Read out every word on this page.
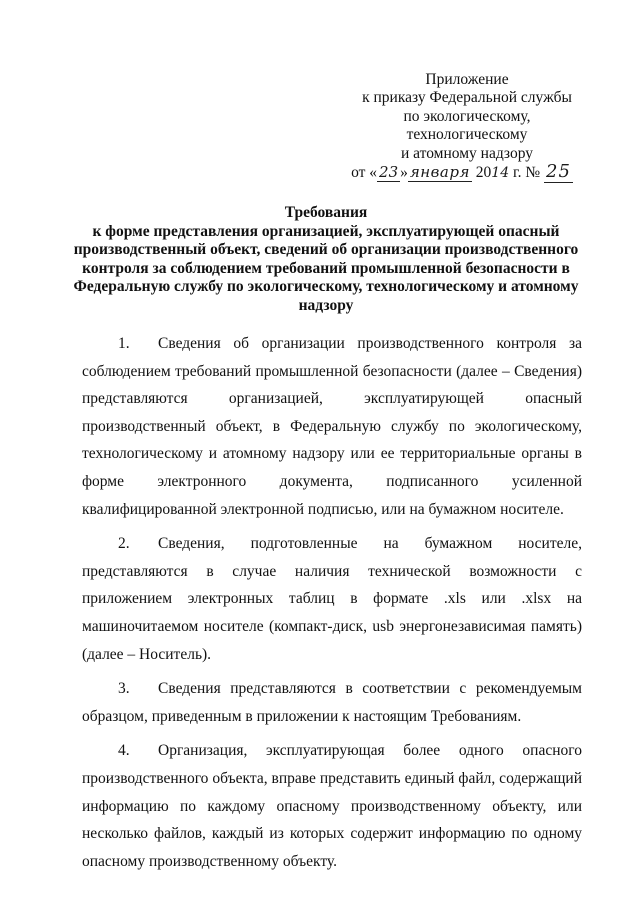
Приложение
к приказу Федеральной службы
по экологическому,
технологическому
и атомному надзору
от « 23 » января 2014 г. № 25
Требования
к форме представления организацией, эксплуатирующей опасный производственный объект, сведений об организации производственного контроля за соблюдением требований промышленной безопасности в Федеральную службу по экологическому, технологическому и атомному надзору

1. Сведения об организации производственного контроля за соблюдением требований промышленной безопасности (далее – Сведения) представляются организацией, эксплуатирующей опасный производственный объект, в Федеральную службу по экологическому, технологическому и атомному надзору или ее территориальные органы в форме электронного документа, подписанного усиленной квалифицированной электронной подписью, или на бумажном носителе.

2. Сведения, подготовленные на бумажном носителе, представляются в случае наличия технической возможности с приложением электронных таблиц в формате .xls или .xlsx на машиночитаемом носителе (компакт-диск, usb энергонезависимая память) (далее – Носитель).

3. Сведения представляются в соответствии с рекомендуемым образцом, приведенным в приложении к настоящим Требованиям.

4. Организация, эксплуатирующая более одного опасного производственного объекта, вправе представить единый файл, содержащий информацию по каждому опасному производственному объекту, или несколько файлов, каждый из которых содержит информацию по одному опасному производственному объекту.
